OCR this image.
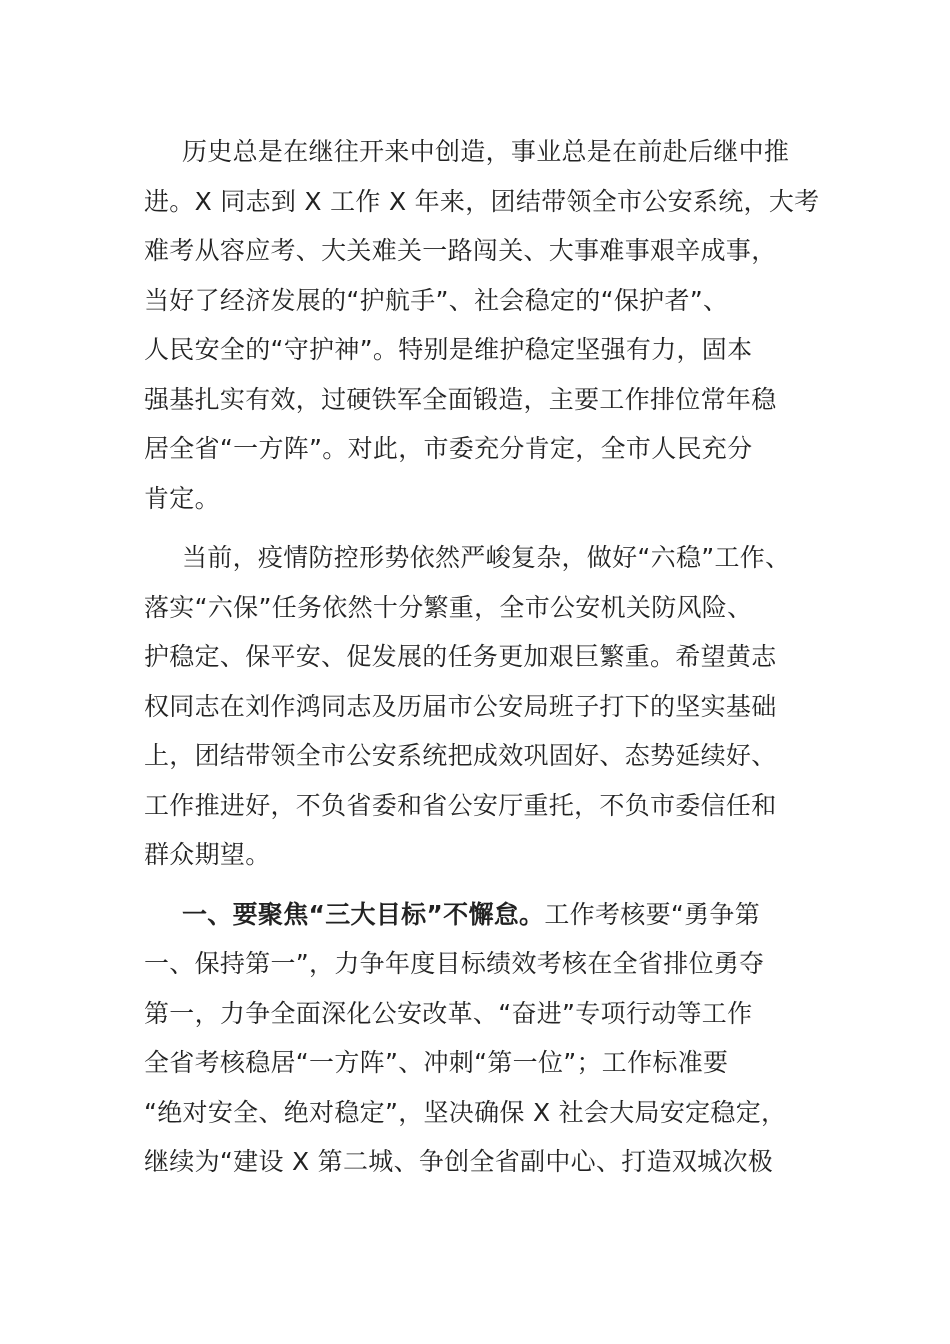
历史总是在继往开来中创造，事业总是在前赴后继中推
进。X 同志到 X 工作 X 年来，团结带领全市公安系统，大考
难考从容应考、大关难关一路闯关、大事难事艰辛成事，
当好了经济发展的“护航手”、社会稳定的“保护者”、
人民安全的“守护神”。特别是维护稳定坚强有力，固本
强基扎实有效，过硬铁军全面锻造，主要工作排位常年稳
居全省“一方阵”。对此，市委充分肯定，全市人民充分
肯定。

当前，疫情防控形势依然严峻复杂，做好“六稳”工作、
落实“六保”任务依然十分繁重，全市公安机关防风险、
护稳定、保平安、促发展的任务更加艰巨繁重。希望黄志
权同志在刘作鸿同志及历届市公安局班子打下的坚实基础
上，团结带领全市公安系统把成效巩固好、态势延续好、
工作推进好，不负省委和省公安厅重托，不负市委信任和
群众期望。

一、要聚焦“三大目标”不懈怠。工作考核要“勇争第
一、保持第一”，力争年度目标绩效考核在全省排位勇夺
第一，力争全面深化公安改革、“奋进”专项行动等工作
全省考核稳居“一方阵”、冲刺“第一位”；工作标准要
“绝对安全、绝对稳定”，坚决确保 X 社会大局安定稳定，
继续为“建设 X 第二城、争创全省副中心、打造双城次极
